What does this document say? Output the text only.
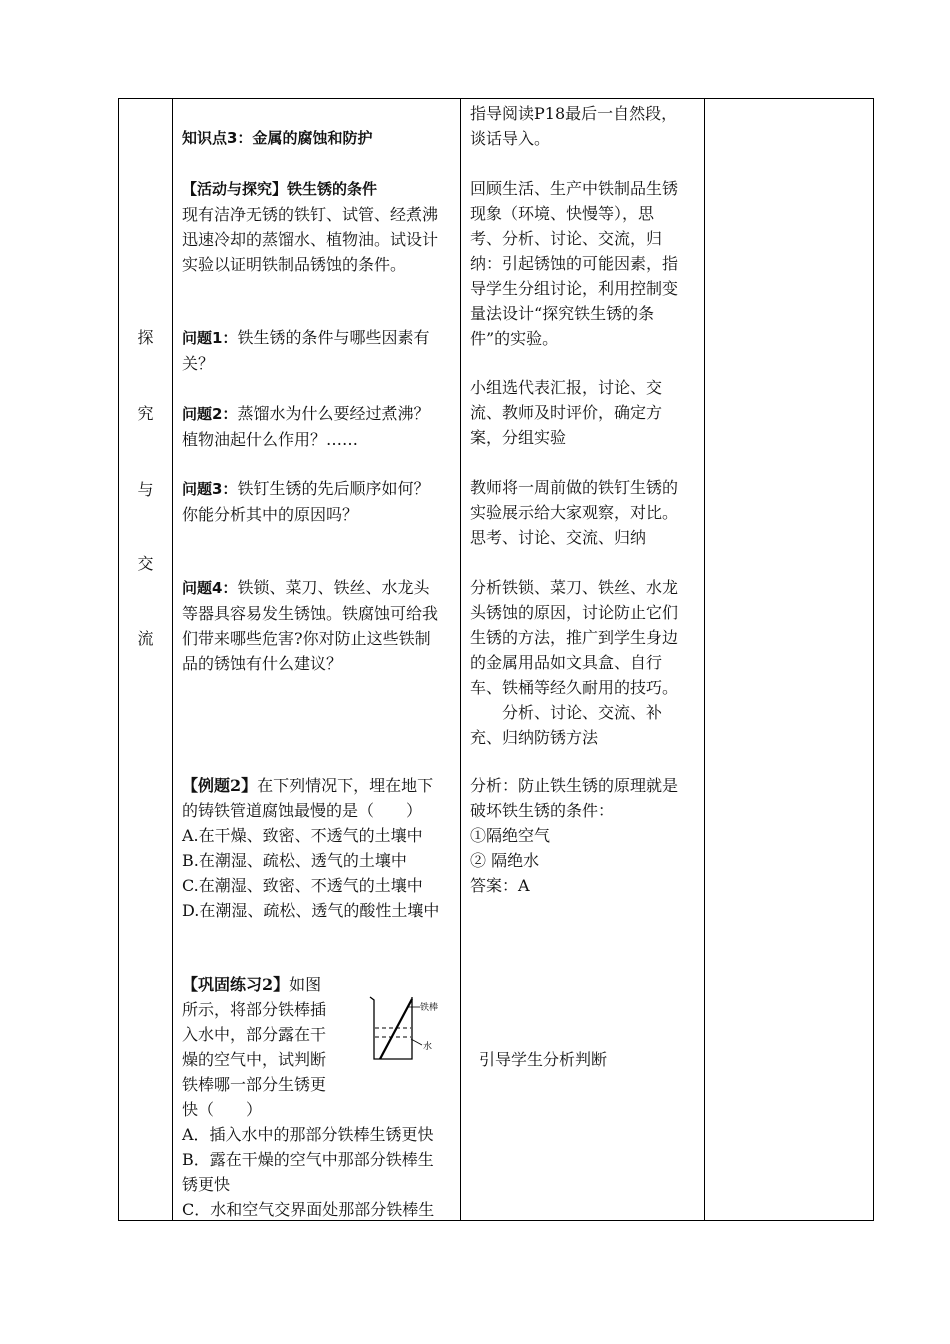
探
究
与
交
流

知识点3：金属的腐蚀和防护
【活动与探究】铁生锈的条件
现有洁净无锈的铁钉、试管、经煮沸
迅速冷却的蒸馏水、植物油。试设计
实验以证明铁制品锈蚀的条件。
问题1：铁生锈的条件与哪些因素有
关？
问题2：蒸馏水为什么要经过煮沸？
植物油起什么作用？……
问题3：铁钉生锈的先后顺序如何？
你能分析其中的原因吗？
问题4：铁锁、菜刀、铁丝、水龙头
等器具容易发生锈蚀。铁腐蚀可给我
们带来哪些危害?你对防止这些铁制
品的锈蚀有什么建议？
【例题2】在下列情况下，埋在地下
的铸铁管道腐蚀最慢的是（　　）
A.在干燥、致密、不透气的土壤中
B.在潮湿、疏松、透气的土壤中
C.在潮湿、致密、不透气的土壤中
D.在潮湿、疏松、透气的酸性土壤中
【巩固练习2】如图
所示，将部分铁棒插
入水中，部分露在干
燥的空气中，试判断
铁棒哪一部分生锈更
快（　　）
A．插入水中的那部分铁棒生锈更快
B．露在干燥的空气中那部分铁棒生
锈更快
C．水和空气交界面处那部分铁棒生

指导阅读P18最后一自然段，
谈话导入。
回顾生活、生产中铁制品生锈
现象（环境、快慢等），思
考、分析、讨论、交流，归
纳：引起锈蚀的可能因素，指
导学生分组讨论，利用控制变
量法设计“探究铁生锈的条
件”的实验。
小组选代表汇报，讨论、交
流、教师及时评价，确定方
案，分组实验
教师将一周前做的铁钉生锈的
实验展示给大家观察，对比。
思考、讨论、交流、归纳
分析铁锁、菜刀、铁丝、水龙
头锈蚀的原因，讨论防止它们
生锈的方法，推广到学生身边
的金属用品如文具盒、自行
车、铁桶等经久耐用的技巧。
　　分析、讨论、交流、补
充、归纳防锈方法
分析：防止铁生锈的原理就是
破坏铁生锈的条件：
①隔绝空气
② 隔绝水
答案：A
引导学生分析判断

铁棒
水
